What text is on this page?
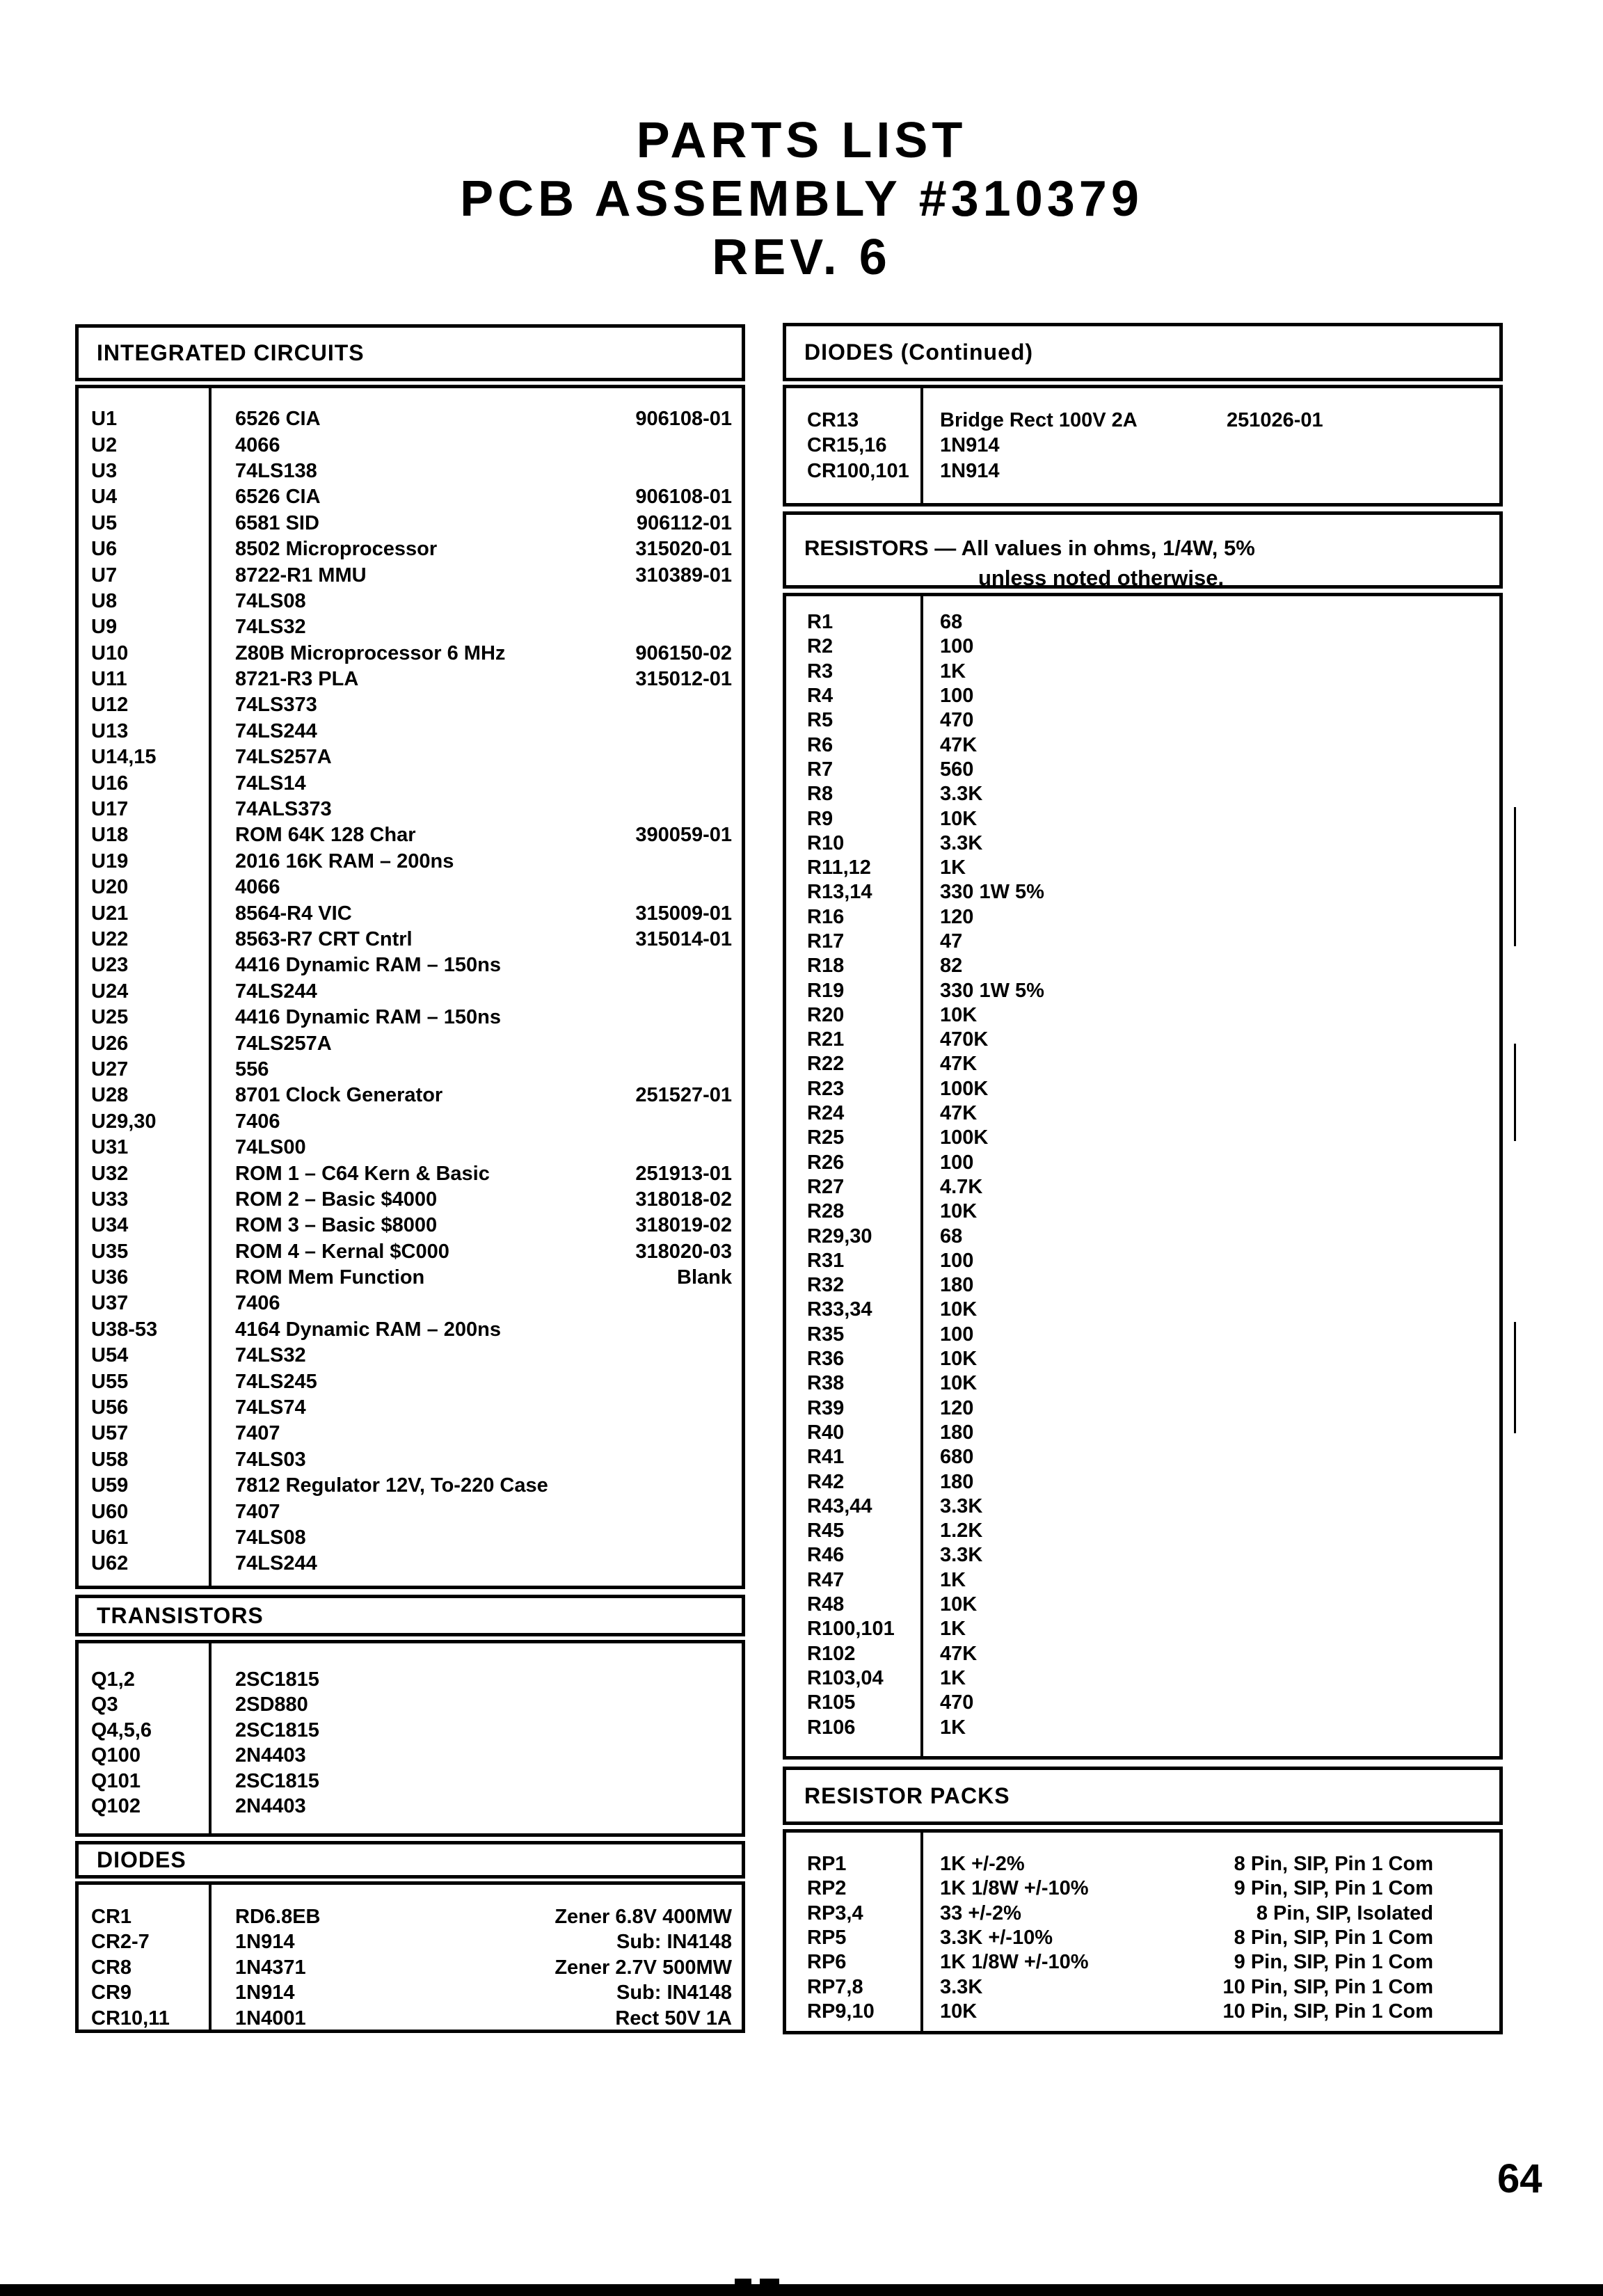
PARTS LIST
PCB ASSEMBLY #310379
REV. 6
INTEGRATED CIRCUITS
U1	6526 CIA	906108-01
U2	4066
U3	74LS138
U4	6526 CIA	906108-01
U5	6581 SID	906112-01
U6	8502 Microprocessor	315020-01
U7	8722-R1 MMU	310389-01
U8	74LS08
U9	74LS32
U10	Z80B Microprocessor 6 MHz	906150-02
U11	8721-R3 PLA	315012-01
U12	74LS373
U13	74LS244
U14,15	74LS257A
U16	74LS14
U17	74ALS373
U18	ROM 64K 128 Char	390059-01
U19	2016 16K RAM – 200ns
U20	4066
U21	8564-R4 VIC	315009-01
U22	8563-R7 CRT Cntrl	315014-01
U23	4416 Dynamic RAM – 150ns
U24	74LS244
U25	4416 Dynamic RAM – 150ns
U26	74LS257A
U27	556
U28	8701 Clock Generator	251527-01
U29,30	7406
U31	74LS00
U32	ROM 1 – C64 Kern & Basic	251913-01
U33	ROM 2 – Basic $4000	318018-02
U34	ROM 3 – Basic $8000	318019-02
U35	ROM 4 – Kernal $C000	318020-03
U36	ROM Mem Function	Blank
U37	7406
U38-53	4164 Dynamic RAM – 200ns
U54	74LS32
U55	74LS245
U56	74LS74
U57	7407
U58	74LS03
U59	7812 Regulator 12V, To-220 Case
U60	7407
U61	74LS08
U62	74LS244
TRANSISTORS
Q1,2	2SC1815
Q3	2SD880
Q4,5,6	2SC1815
Q100	2N4403
Q101	2SC1815
Q102	2N4403
DIODES
CR1	RD6.8EB	Zener 6.8V 400MW
CR2-7	1N914	Sub: IN4148
CR8	1N4371	Zener 2.7V 500MW
CR9	1N914	Sub: IN4148
CR10,11	1N4001	Rect 50V 1A
DIODES (Continued)
CR13	Bridge Rect 100V 2A	251026-01
CR15,16	1N914
CR100,101	1N914
RESISTORS — All values in ohms, 1/4W, 5%
unless noted otherwise.
R1	68
R2	100
R3	1K
R4	100
R5	470
R6	47K
R7	560
R8	3.3K
R9	10K
R10	3.3K
R11,12	1K
R13,14	330 1W 5%
R16	120
R17	47
R18	82
R19	330 1W 5%
R20	10K
R21	470K
R22	47K
R23	100K
R24	47K
R25	100K
R26	100
R27	4.7K
R28	10K
R29,30	68
R31	100
R32	180
R33,34	10K
R35	100
R36	10K
R38	10K
R39	120
R40	180
R41	680
R42	180
R43,44	3.3K
R45	1.2K
R46	3.3K
R47	1K
R48	10K
R100,101	1K
R102	47K
R103,04	1K
R105	470
R106	1K
RESISTOR PACKS
RP1	1K +/-2%	8 Pin, SIP, Pin 1 Com
RP2	1K 1/8W +/-10%	9 Pin, SIP, Pin 1 Com
RP3,4	33 +/-2%	8 Pin, SIP, Isolated
RP5	3.3K +/-10%	8 Pin, SIP, Pin 1 Com
RP6	1K 1/8W +/-10%	9 Pin, SIP, Pin 1 Com
RP7,8	3.3K	10 Pin, SIP, Pin 1 Com
RP9,10	10K	10 Pin, SIP, Pin 1 Com
64
